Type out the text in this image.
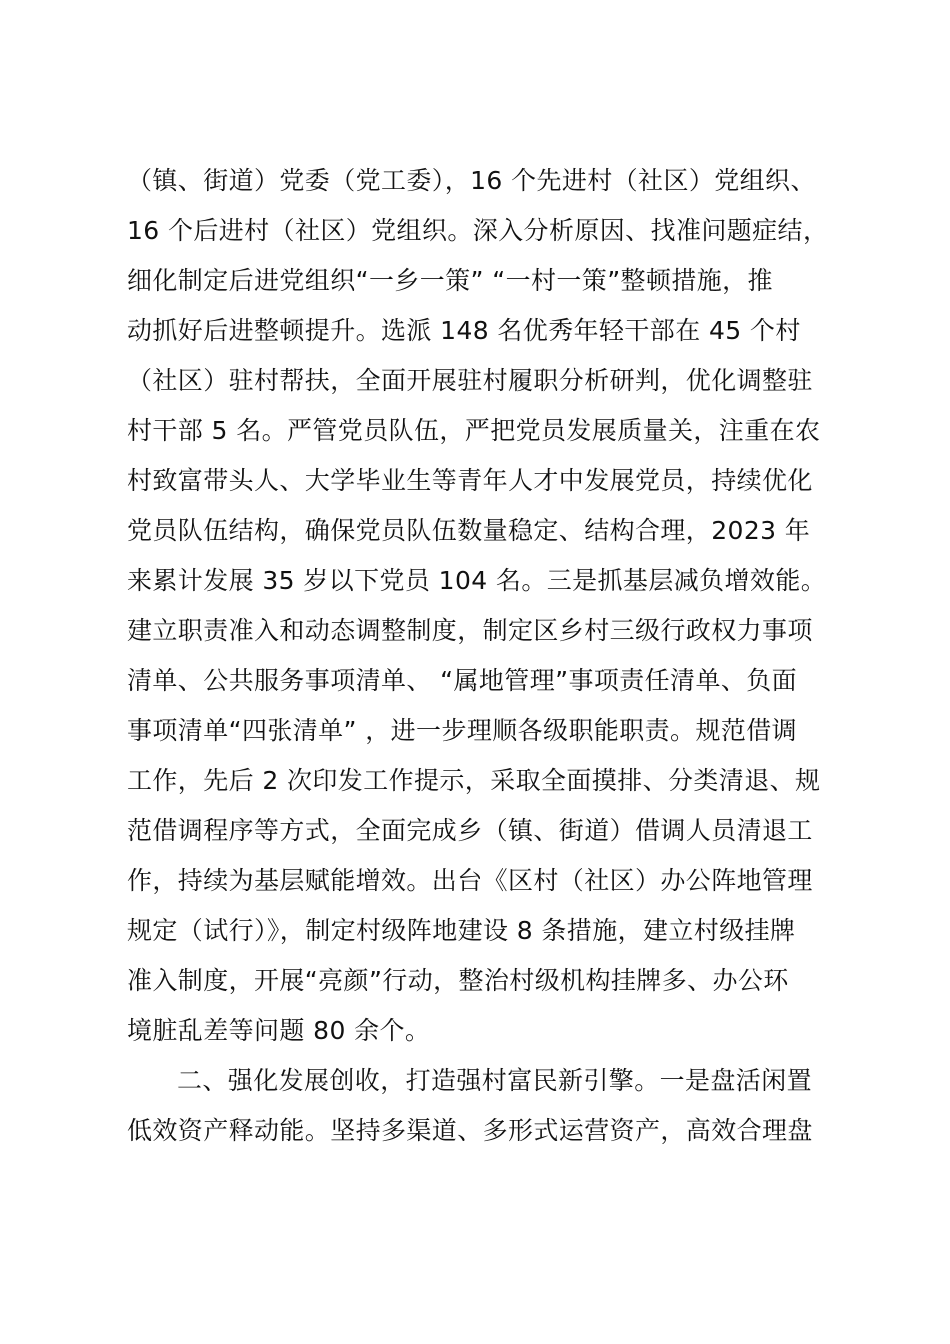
（镇、街道）党委（党工委），16 个先进村（社区）党组织、
16 个后进村（社区）党组织。深入分析原因、找准问题症结，
细化制定后进党组织“一乡一策” “一村一策”整顿措施，推
动抓好后进整顿提升。选派 148 名优秀年轻干部在 45 个村
（社区）驻村帮扶，全面开展驻村履职分析研判，优化调整驻
村干部 5 名。严管党员队伍，严把党员发展质量关，注重在农
村致富带头人、大学毕业生等青年人才中发展党员，持续优化
党员队伍结构，确保党员队伍数量稳定、结构合理，2023 年
来累计发展 35 岁以下党员 104 名。三是抓基层减负增效能。
建立职责准入和动态调整制度，制定区乡村三级行政权力事项
清单、公共服务事项清单、 “属地管理”事项责任清单、负面
事项清单“四张清单” ，进一步理顺各级职能职责。规范借调
工作，先后 2 次印发工作提示，采取全面摸排、分类清退、规
范借调程序等方式，全面完成乡（镇、街道）借调人员清退工
作，持续为基层赋能增效。出台《区村（社区）办公阵地管理
规定（试行）》，制定村级阵地建设 8 条措施，建立村级挂牌
准入制度，开展“亮颜”行动，整治村级机构挂牌多、办公环
境脏乱差等问题 80 余个。
二、强化发展创收，打造强村富民新引擎。一是盘活闲置
低效资产释动能。坚持多渠道、多形式运营资产，高效合理盘
